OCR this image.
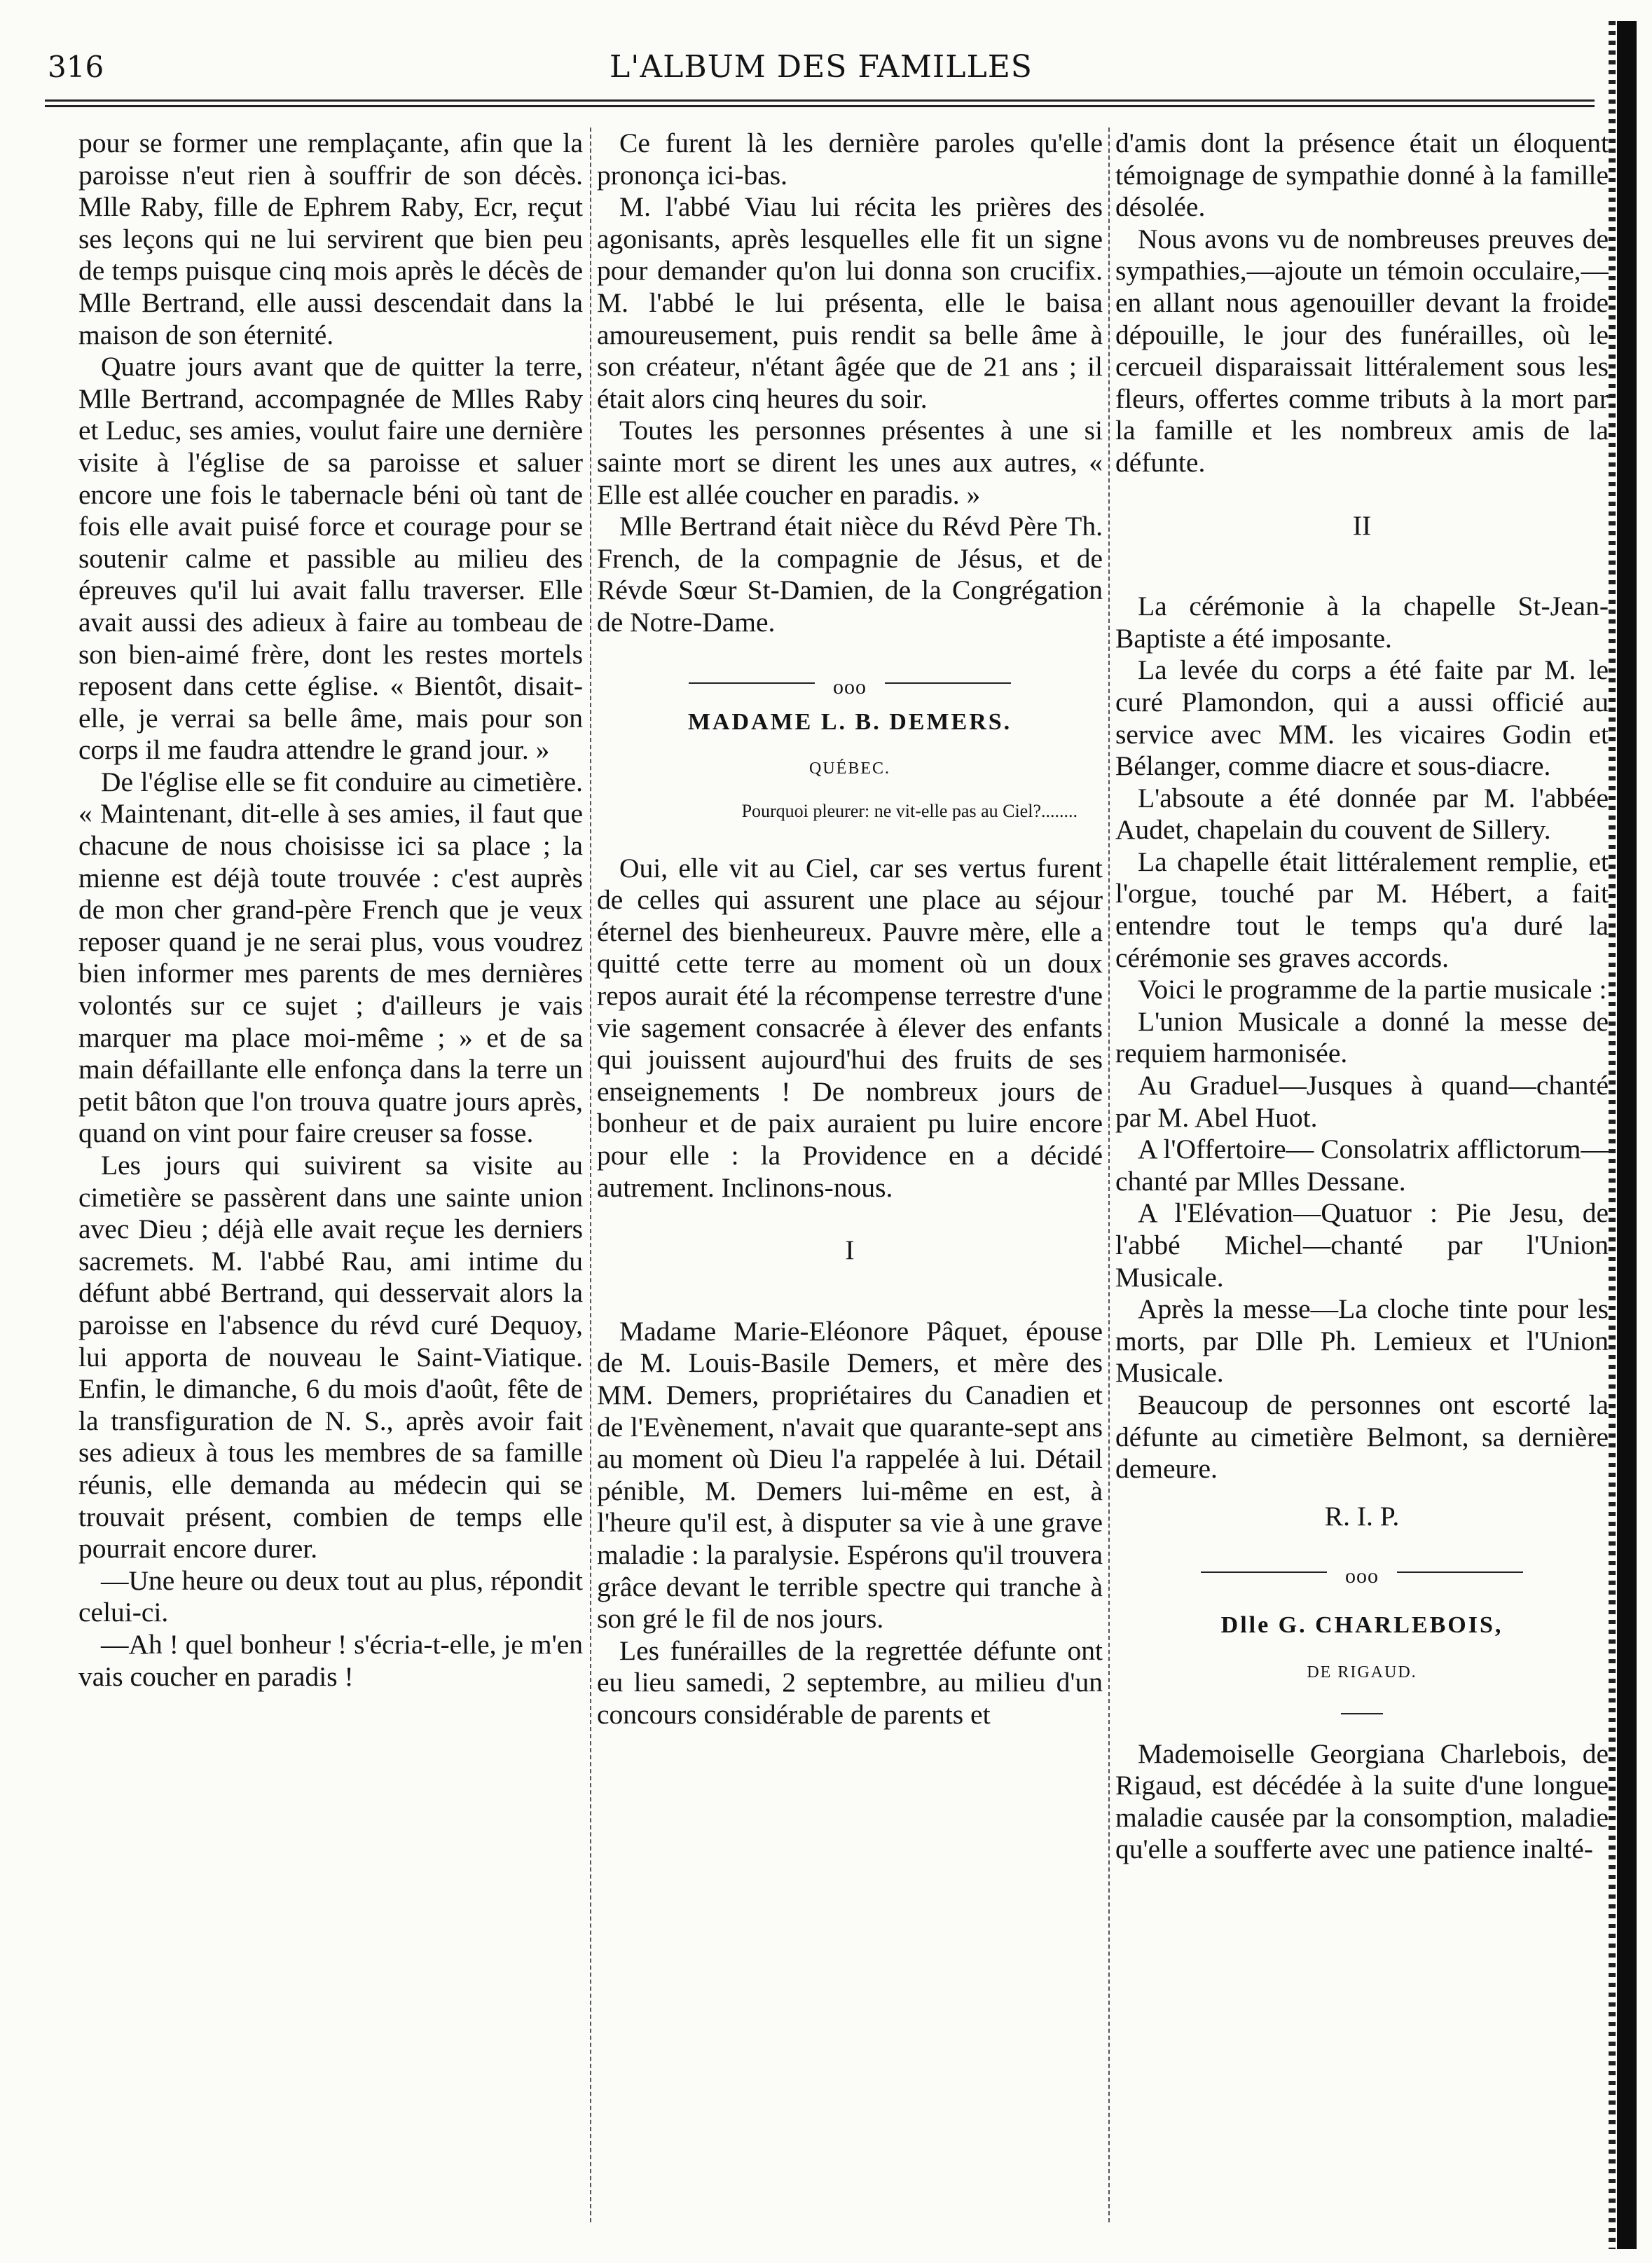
316	L'ALBUM DES FAMILLES

pour se former une remplaçante, afin que la paroisse n'eut rien à souffrir de son décès. Mlle Raby, fille de Ephrem Raby, Ecr, reçut ses leçons qui ne lui servirent que bien peu de temps puisque cinq mois après le décès de Mlle Bertrand, elle aussi descendait dans la maison de son éternité.

Quatre jours avant que de quitter la terre, Mlle Bertrand, accompagnée de Mlles Raby et Leduc, ses amies, voulut faire une dernière visite à l'église de sa paroisse et saluer encore une fois le tabernacle béni où tant de fois elle avait puisé force et courage pour se soutenir calme et passible au milieu des épreuves qu'il lui avait fallu traverser. Elle avait aussi des adieux à faire au tombeau de son bien-aimé frère, dont les restes mortels reposent dans cette église. « Bientôt, disait-elle, je verrai sa belle âme, mais pour son corps il me faudra attendre le grand jour. »

De l'église elle se fit conduire au cimetière. « Maintenant, dit-elle à ses amies, il faut que chacune de nous choisisse ici sa place ; la mienne est déjà toute trouvée : c'est auprès de mon cher grand-père French que je veux reposer quand je ne serai plus, vous voudrez bien informer mes parents de mes dernières volontés sur ce sujet ; d'ailleurs je vais marquer ma place moi-même ; » et de sa main défaillante elle enfonça dans la terre un petit bâton que l'on trouva quatre jours après, quand on vint pour faire creuser sa fosse.

Les jours qui suivirent sa visite au cimetière se passèrent dans une sainte union avec Dieu ; déjà elle avait reçue les derniers sacremets. M. l'abbé Rau, ami intime du défunt abbé Bertrand, qui desservait alors la paroisse en l'absence du révd curé Dequoy, lui apporta de nouveau le Saint-Viatique. Enfin, le dimanche, 6 du mois d'août, fête de la transfiguration de N. S., après avoir fait ses adieux à tous les membres de sa famille réunis, elle demanda au médecin qui se trouvait présent, combien de temps elle pourrait encore durer.

—Une heure ou deux tout au plus, répondit celui-ci.

—Ah ! quel bonheur ! s'écria-t-elle, je m'en vais coucher en paradis !

Ce furent là les dernière paroles qu'elle prononça ici-bas.

M. l'abbé Viau lui récita les prières des agonisants, après lesquelles elle fit un signe pour demander qu'on lui donna son crucifix. M. l'abbé le lui présenta, elle le baisa amoureusement, puis rendit sa belle âme à son créateur, n'étant âgée que de 21 ans ; il était alors cinq heures du soir.

Toutes les personnes présentes à une si sainte mort se dirent les unes aux autres, « Elle est allée coucher en paradis. »

Mlle Bertrand était nièce du Révd Père Th. French, de la compagnie de Jésus, et de Révde Sœur St-Damien, de la Congrégation de Notre-Dame.

ooo

MADAME L. B. DEMERS.

QUÉBEC.

Pourquoi pleurer: ne vit-elle pas au Ciel?........

Oui, elle vit au Ciel, car ses vertus furent de celles qui assurent une place au séjour éternel des bienheureux. Pauvre mère, elle a quitté cette terre au moment où un doux repos aurait été la récompense terrestre d'une vie sagement consacrée à élever des enfants qui jouissent aujourd'hui des fruits de ses enseignements ! De nombreux jours de bonheur et de paix auraient pu luire encore pour elle : la Providence en a décidé autrement. Inclinons-nous.

I

Madame Marie-Eléonore Pâquet, épouse de M. Louis-Basile Demers, et mère des MM. Demers, propriétaires du Canadien et de l'Evènement, n'avait que quarante-sept ans au moment où Dieu l'a rappelée à lui. Détail pénible, M. Demers lui-même en est, à l'heure qu'il est, à disputer sa vie à une grave maladie : la paralysie. Espérons qu'il trouvera grâce devant le terrible spectre qui tranche à son gré le fil de nos jours.

Les funérailles de la regrettée défunte ont eu lieu samedi, 2 septembre, au milieu d'un concours considérable de parents et

d'amis dont la présence était un éloquent témoignage de sympathie donné à la famille désolée.

Nous avons vu de nombreuses preuves de sympathies,—ajoute un témoin occulaire,—en allant nous agenouiller devant la froide dépouille, le jour des funérailles, où le cercueil disparaissait littéralement sous les fleurs, offertes comme tributs à la mort par la famille et les nombreux amis de la défunte.

II

La cérémonie à la chapelle St-Jean-Baptiste a été imposante.

La levée du corps a été faite par M. le curé Plamondon, qui a aussi officié au service avec MM. les vicaires Godin et Bélanger, comme diacre et sous-diacre.

L'absoute a été donnée par M. l'abbée Audet, chapelain du couvent de Sillery.

La chapelle était littéralement remplie, et l'orgue, touché par M. Hébert, a fait entendre tout le temps qu'a duré la cérémonie ses graves accords.

Voici le programme de la partie musicale :

L'union Musicale a donné la messe de requiem harmonisée.

Au Graduel—Jusques à quand—chanté par M. Abel Huot.

A l'Offertoire— Consolatrix afflictorum—chanté par Mlles Dessane.

A l'Elévation—Quatuor : Pie Jesu, de l'abbé Michel—chanté par l'Union Musicale.

Après la messe—La cloche tinte pour les morts, par Dlle Ph. Lemieux et l'Union Musicale.

Beaucoup de personnes ont escorté la défunte au cimetière Belmont, sa dernière demeure.

R. I. P.

ooo

Dlle G. CHARLEBOIS,

DE RIGAUD.

Mademoiselle Georgiana Charlebois, de Rigaud, est décédée à la suite d'une longue maladie causée par la consomption, maladie qu'elle a soufferte avec une patience inalté-
